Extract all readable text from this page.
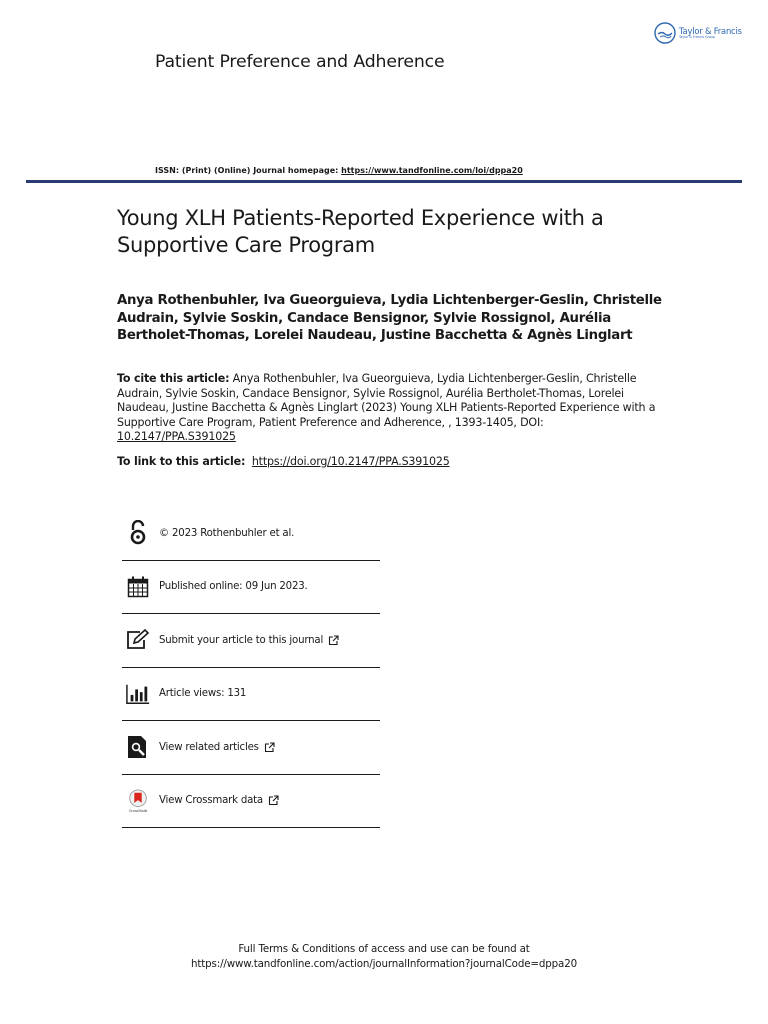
Taylor & Francis
Taylor & Francis Group
Patient Preference and Adherence
ISSN: (Print) (Online) Journal homepage: https://www.tandfonline.com/loi/dppa20
Young XLH Patients-Reported Experience with a Supportive Care Program
Anya Rothenbuhler, Iva Gueorguieva, Lydia Lichtenberger-Geslin, Christelle Audrain, Sylvie Soskin, Candace Bensignor, Sylvie Rossignol, Aurélia Bertholet-Thomas, Lorelei Naudeau, Justine Bacchetta & Agnès Linglart
To cite this article: Anya Rothenbuhler, Iva Gueorguieva, Lydia Lichtenberger-Geslin, Christelle Audrain, Sylvie Soskin, Candace Bensignor, Sylvie Rossignol, Aurélia Bertholet-Thomas, Lorelei Naudeau, Justine Bacchetta & Agnès Linglart (2023) Young XLH Patients-Reported Experience with a Supportive Care Program, Patient Preference and Adherence, , 1393-1405, DOI: 10.2147/PPA.S391025
To link to this article: https://doi.org/10.2147/PPA.S391025
© 2023 Rothenbuhler et al.
Published online: 09 Jun 2023.
Submit your article to this journal
Article views: 131
View related articles
CrossMark
View Crossmark data
Full Terms & Conditions of access and use can be found at
https://www.tandfonline.com/action/journalInformation?journalCode=dppa20
